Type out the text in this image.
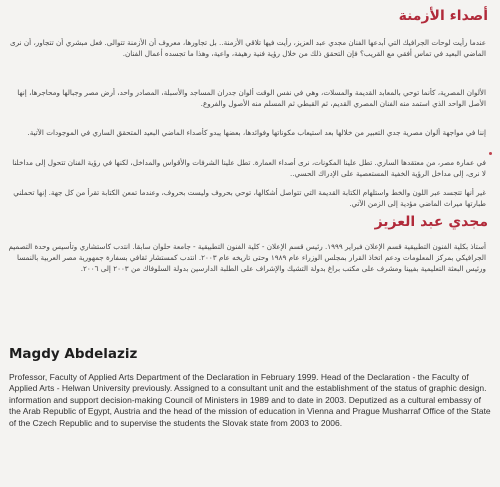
أصداء الأزمنة
عندما رأيت لوحات الجرافيك التي أبدعها الفنان مجدي عبد العزيز، رأيت فيها تلاقي الأزمنة.. بل تجاورها، معروف أن الأزمنة تتوالى. فعل مبشري أن تتجاور، أن نرى الماضي البعيد في تماس أفقي مع القريب؟ فإن التحقق ذلك من خلال رؤية فنية رهيفة، واعية، وهذا ما تجسده أعمال الفنان.
الألوان المصرية، كأنما توحي بالمعابد القديمة والمسلات، وهي في نفس الوقت ألوان جدران المساجد والأسبلة، المصادر واحد، أرض مصر وجبالها ومحاجرها، إنها الأصل الواحد الذي استمد منه الفنان المصري القديم، ثم القبطي ثم المسلم منه الأصول والفروع.
إننا في مواجهة ألوان مصرية جدي التعبير من خلالها بعد استيعاب مكوناتها وفوائدها، بعضها يبدو كأصداء الماضي البعيد المتحقق الساري في الموجودات الآتية.
في عمارة مصر، من معتقدها الساري. تطل علينا المكونات، نرى أصداء العمارة. تطل علينا الشرفات والأقواس والمداخل، لكنها في رؤية الفنان تتحول إلى مداخلنا لا نرى، إلى مداخل الرؤية الخفية المستعصية على الإدراك الحسي..
غير أنها تتجسد عبر اللون والخط واستلهام الكتابة القديمة التي تتواصل أشكالها، توحي بحروف وليست بحروف، وعندما تمعن الكتابة تقرأ من كل جهة. إنها تحملني طبارتها ميراث الماضي مؤدية إلى الزمن الآتي.
مجدي عبد العزيز
أستاذ بكلية الفنون التطبيقية قسم الإعلان فبراير ١٩٩٩. رئيس قسم الإعلان - كلية الفنون التطبيقية - جامعة حلوان سابقا. انتدب كاستشاري وتأسيس وحدة التصميم الجرافيكي بمركز المعلومات ودعم اتخاذ القرار بمجلس الوزراء عام ١٩٨٩ وحتى تاريخه عام ٢٠٠٣. انتدب كمستشار ثقافي بسفارة جمهورية مصر العربية بالنمسا ورئيس البعثة التعليمية بفيينا ومشرف على مكتب براغ بدولة التشيك والإشراف على الطلبة الدارسين بدولة السلوفاك من ٢٠٠٣ إلى ٢٠٠٦.
Magdy Abdelaziz

Professor, Faculty of Applied Arts Department of the Declaration in February 1999. Head of the Declaration - the Faculty of Applied Arts - Helwan University previously. Assigned to a consultant unit and the establishment of the status of graphic design. information and support decision-making Council of Ministers in 1989 and to date in 2003. Deputized as a cultural embassy of the Arab Republic of Egypt, Austria and the head of the mission of education in Vienna and Prague Musharraf Office of the State of the Czech Republic and to supervise the students the Slovak state from 2003 to 2006.
